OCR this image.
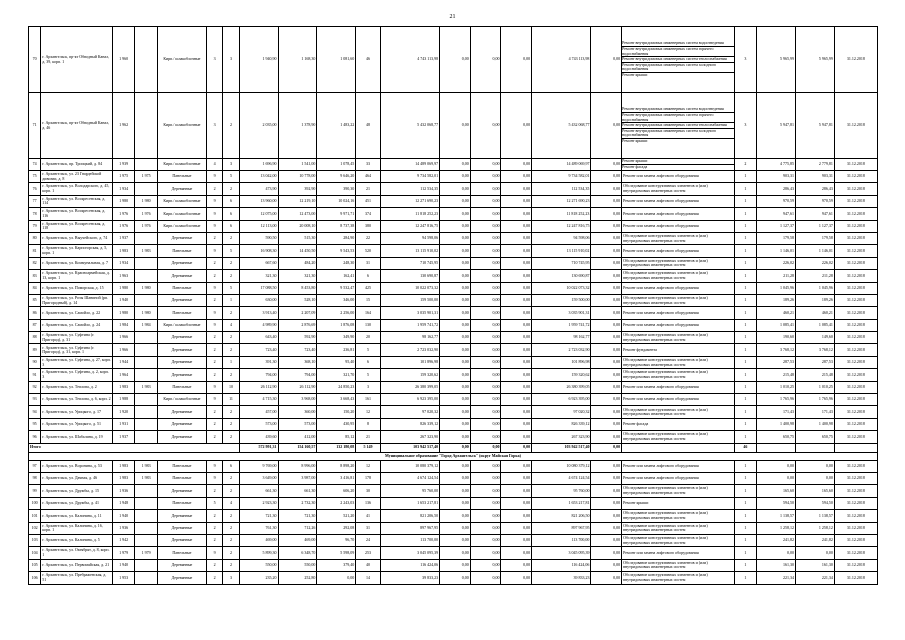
21
70	г. Архангельск, пр-кт Обводный Канал, д. 39, корп. 1	1 960		Кирп./ шлакоблочные	3	3	1 940,90	1 168,30	1 081,60	46	4 743 113,98	0,00	0,00	0,00	4 743 113,98	0,00	Ремонт внутридомовых инженерных систем водоотведения
Ремонт внутридомовых инженерных систем горячего водоснабжения
Ремонт внутридомовых инженерных систем теплоснабжения
Ремонт внутридомовых инженерных систем холодного водоснабжения
Ремонт крыши	3	5 965,99	5 965,99	31.12.2018
71	г. Архангельск, пр-кт Обводный Канал, д. 46	1 962		Кирп./ шлакоблочные	3	2	2 035,00	1 378,90	1 483,22	48	5 432 068,77	0,00	0,00	0,00	5 432 068,77	0,00	Ремонт внутридомовых инженерных систем водоотведения
Ремонт внутридомовых инженерных систем горячего водоснабжения
Ремонт внутридомовых инженерных систем теплоснабжения
Ремонт внутридомовых инженерных систем холодного водоснабжения
Ремонт крыши	3	5 947,81	5 947,81	31.12.2018
74	г. Архангельск, пр. Троицкий, д. 84	1 939		Кирп./ шлакоблочные	4	3	1 696,90	1 541,00	1 078,45	33	14 489 069,97	0,00	0,00	0,00	14 489 069,97	0,00	Ремонт крыши
Ремонт фасада	2	4 775,85	2 779,81	31.12.2018
75	г. Архангельск, ул. 23 Гвардейской дивизии, д. 8	1 975	1 975	Панельные	9	5	13 042,00	10 778,00	9 646,20	464	9 734 582,01	0,00	0,00	0,00	9 734 582,01	0,00	Ремонт или замена лифтового оборудования	1	903,31	903,31	31.12.2018
76	г. Архангельск, ул. Володарского, д. 45, корп. 1	1 934		Деревянные	2	2	473,90	392,90	390,30	21	112 534,35	0,00	0,00	0,00	112 534,35	0,00	Обследование конструктивных элементов и (или) внутридомовых инженерных систем	1	286,43	286,43	31.12.2018
77	г. Архангельск, ул. Воскресенская, д. 114	1 980	1 980	Кирп./ шлакоблочные	9	6	13 960,00	12 219,10	10 024,16	451	12 271 690,23	0,00	0,00	0,00	12 271 690,23	0,00	Ремонт или замена лифтового оборудования	1	970,59	970,59	31.12.2018
78	г. Архангельск, ул. Воскресенская, д. 116	1 976	1 976	Кирп./ шлакоблочные	9	6	12 075,00	12 473,00	9 971,71	374	11 818 252,23	0,00	0,00	0,00	11 818 252,23	0,00	Ремонт или замена лифтового оборудования	1	947,61	947,61	31.12.2018
79	г. Архангельск, ул. Воскресенская, д. 118	1 976	1 976	Кирп./ шлакоблочные	9	6	12 113,00	20 008,10	8 737,38	380	12 247 816,75	0,00	0,00	0,00	12 247 816,75	0,00	Ремонт или замена лифтового оборудования	1	1 127,37	1 127,37	31.12.2018
80	г. Архангельск, ул. Выучейского, д. 74	1 937		Деревянные	2	2	590,50	515,30	284,90	22	94 598,06	0,00	0,00	0,00	94 598,06	0,00	Обследование конструктивных элементов и (или) внутридомовых инженерных систем	1	179,58	179,58	31.12.2018
81	г. Архангельск, ул. Карпогорская, д. 5, корп. 1	1 983	1 983	Панельные	9	5	16 908,30	14 450,50	9 543,53	520	13 115 910,02	0,00	0,00	0,00	13 115 910,02	0,00	Ремонт или замена лифтового оборудования	1	1 146,01	1 146,01	31.12.2018
82	г. Архангельск, ул. Коммунальная, д. 7	1 934		Деревянные	2	2	667,60	484,20	248,30	31	710 745,95	0,00	0,00	0,00	710 745,95	0,00	Обследование конструктивных элементов и (или) внутридомовых инженерных систем	1	226,02	226,02	31.12.2018
83	г. Архангельск, ул. Красноармейская, д. 13, корп. 1	1 963		Деревянные	2	2	321,30	321,30	162,41	6	130 690,87	0,00	0,00	0,00	130 690,87	0,00	Обследование конструктивных элементов и (или) внутридомовых инженерных систем	1	211,28	211,28	31.12.2018
84	г. Архангельск, ул. Поморская, д. 15	1 980	1 980	Панельные	9	5	17 088,50	8 453,80	9 532,47	425	10 022 073,32	0,00	0,00	0,00	10 022 073,32	0,00	Ремонт или замена лифтового оборудования	1	1 045,96	1 045,96	31.12.2018
85	г. Архангельск, ул. Розы Шаниной (рп. Пригородный), д. 14	1 940		Деревянные	2	1	630,00	528,10	346,00	15	159 500,00	0,00	0,00	0,00	159 500,00	0,00	Обследование конструктивных элементов и (или) внутридомовых инженерных систем	1	189,26	189,26	31.12.2018
86	г. Архангельск, ул. Самойло, д. 22	1 980	1 980	Панельные	9	2	3 913,40	2 207,09	2 256,00	164	3 035 901,31	0,00	0,00	0,00	3 035 901,31	0,00	Ремонт или замена лифтового оборудования	1	460,21	460,21	31.12.2018
87	г. Архангельск, ул. Самойло, д. 24	1 984	1 984	Кирп./ шлакоблочные	9	4	4 989,90	2 876,69	1 876,08	130	1 959 741,72	0,00	0,00	0,00	1 959 741,72	0,00	Ремонт или замена лифтового оборудования	1	1 085,41	1 085,41	31.12.2018
88	г. Архангельск, ул. Суфтина (г. Пригород), д. 31	1 966		Деревянные	2	2	643,40	592,90	349,90	20	98 162,77	0,00	0,00	0,00	98 162,77	0,00	Обследование конструктивных элементов и (или) внутридомовых инженерных систем	1	190,60	149,60	31.12.2018
89	г. Архангельск, ул. Суфтина (г. Пригород), д. 31, корп. 1	1 966		Деревянные	2	2	723,40	723,40	236,81	5	2 723 032,90	0,00	0,00	0,00	2 723 032,90	0,00	Ремонт фундамента	1	3 768,12	3 768,12	31.12.2018
90	г. Архангельск, ул. Суфтина, д. 27, корп. 3	1 944		Деревянные	2	1	391,30	368,10	95,40	6	101 896,98	0,00	0,00	0,00	101 896,98	0,00	Обследование конструктивных элементов и (или) внутридомовых инженерных систем	1	287,53	287,53	31.12.2018
91	г. Архангельск, ул. Суфтина, д. 2, корп. 3	1 964		Деревянные	2	2	794,00	794,00	321,70	5	159 320,62	0,00	0,00	0,00	159 320,62	0,00	Обследование конструктивных элементов и (или) внутридомовых инженерных систем	1	215,48	215,48	31.12.2018
92	г. Архангельск, ул. Теплова, д. 2	1 983	1 983	Панельные	9	10	26 112,90	26 112,90	24 850,23	3	26 380 399,05	0,00	0,00	0,00	26 380 399,05	0,00	Ремонт или замена лифтового оборудования	1	1 010,25	1 010,25	31.12.2018
93	г. Архангельск, ул. Теплова, д. 6, корп. 2	1 988		Кирп./ шлакоблочные	9	11	4 715,30	3 968,00	3 668,43	161	6 923 395,00	0,00	0,00	0,00	6 923 395,00	0,00	Ремонт или замена лифтового оборудования	1	1 765,96	1 765,96	31.12.2018
94	г. Архангельск, ул. Урицкого, д. 17	1 920		Деревянные	2	2	457,00	360,00	150,20	12	97 020,32	0,00	0,00	0,00	97 020,32	0,00	Обследование конструктивных элементов и (или) внутридомовых инженерных систем	1	171,43	171,43	31.12.2018
95	г. Архангельск, ул. Урицкого, д. 51	1 931		Деревянные	2	2	573,00	573,00	430,95	8	826 339,12	0,00	0,00	0,00	826 339,12	0,00	Ремонт фасада	1	1 400,98	1 400,98	31.12.2018
96	г. Архангельск, ул. Шабалина, д. 19	1 937		Деревянные	2	2	439,60	412,00	85,12	21	267 323,90	0,00	0,00	0,00	267 323,90	0,00	Обследование конструктивных элементов и (или) внутридомовых инженерных систем	1	650,75	650,75	31.12.2018
Итого							572 991,31	154 160,57	132 180,08	5 149	103 942 517,40	0,00	0,00	0,00	103 942 517,40	0,00		46			
Муниципальное образование "Город Архангельск" (округ Майская Горка)																					
97	г. Архангельск, ул. Воронина, д. 53	1 983	1 983	Панельные	9	6	9 769,00	8 996,00	8 898,20	12	10 080 379,12	0,00	0,00	0,00	10 080 379,12	0,00	Ремонт или замена лифтового оборудования	1	0,00	0,00	31.12.2018
98	г. Архангельск, ул. Дачная, д. 46	1 983	1 983	Панельные	9	2	3 649,00	3 987,00	3 416,81	178	4 674 124,54	0,00	0,00	0,00	4 674 124,54	0,00	Ремонт или замена лифтового оборудования	1	0,00	0,00	31.12.2018
99	г. Архангельск, ул. Дружбы, д. 15	1 936		Деревянные	2	2	661,30	661,30	606,20	30	95 760,00	0,00	0,00	0,00	95 760,00	0,00	Обследование конструктивных элементов и (или) внутридомовых инженерных систем	1	165,60	165,60	31.12.2018
100	г. Архангельск, ул. Дружбы, д. 41	1 948		Панельные	5	4	2 923,30	2 732,30	2 243,03	136	1 653 217,81	0,00	0,00	0,00	1 653 217,81	0,00	Ремонт крыши	1	594,50	594,50	31.12.2018
101	г. Архангельск, ул. Калинина, д. 11	1 940		Деревянные	2	2	721,30	721,30	521,20	41	821 206,50	0,00	0,00	0,00	821 206,50	0,00	Обследование конструктивных элементов и (или) внутридомовых инженерных систем	1	1 138,57	1 138,57	31.12.2018
102	г. Архангельск, ул. Калинина, д. 16, корп. 1	1 936		Деревянные	2	2	761,30	712,26	292,08	31	897 967,95	0,00	0,00	0,00	897 967,95	0,00	Обследование конструктивных элементов и (или) внутридомовых инженерных систем	1	1 258,12	1 258,12	31.12.2018
103	г. Архангельск, ул. Калинина, д. 5	1 942		Деревянные	2	2	469,00	469,00	96,70	24	113 700,00	0,00	0,00	0,00	113 700,00	0,00	Обследование конструктивных элементов и (или) внутридомовых инженерных систем	1	241,82	241,82	31.12.2018
104	г. Архангельск, ул. Октябрят, д. 8, корп. 1	1 979	1 979	Панельные	9	2	5 899,30	6 348,70	5 598,09	253	3 045 095,39	0,00	0,00	0,00	3 045 095,39	0,00	Ремонт или замена лифтового оборудования	1	0,00	0,00	31.12.2018
105	г. Архангельск, ул. Первомайская, д. 21	1 940		Деревянные	2	2	550,00	550,00	379,40	40	116 424,06	0,00	0,00	0,00	116 424,06	0,00	Обследование конструктивных элементов и (или) внутридомовых инженерных систем	1	161,30	161,30	31.12.2018
106	г. Архангельск, ул. Пребраженская, д. 51	1 953		Деревянные	2	3	235,20	252,80	0,00	14	39 833,23	0,00	0,00	0,00	39 833,23	0,00	Обследование конструктивных элементов и (или) внутридомовых инженерных систем	1	221,34	221,34	31.12.2018
